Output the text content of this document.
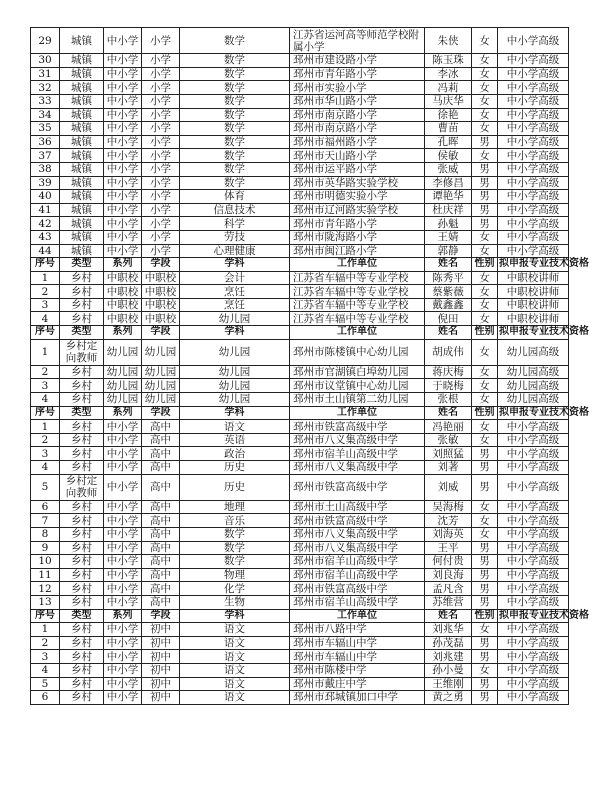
29	城镇	中小学	小学	数学	江苏省运河高等师范学校附属小学	朱侠	女	中小学高级
30	城镇	中小学	小学	数学	邳州市建设路小学	陈玉珠	女	中小学高级
31	城镇	中小学	小学	数学	邳州市青年路小学	李冰	女	中小学高级
32	城镇	中小学	小学	数学	邳州市实验小学	冯莉	女	中小学高级
33	城镇	中小学	小学	数学	邳州市华山路小学	马庆华	女	中小学高级
34	城镇	中小学	小学	数学	邳州市南京路小学	徐艳	女	中小学高级
35	城镇	中小学	小学	数学	邳州市南京路小学	曹苗	女	中小学高级
36	城镇	中小学	小学	数学	邳州市福州路小学	孔晖	男	中小学高级
37	城镇	中小学	小学	数学	邳州市天山路小学	侯敏	女	中小学高级
38	城镇	中小学	小学	数学	邳州市运平路小学	张威	男	中小学高级
39	城镇	中小学	小学	数学	邳州市英华路实验学校	李修昌	男	中小学高级
40	城镇	中小学	小学	体育	邳州市明德实验小学	谭艳华	男	中小学高级
41	城镇	中小学	小学	信息技术	邳州市辽河路实验学校	杜庆祥	男	中小学高级
42	城镇	中小学	小学	科学	邳州市青年路小学	孙魁	男	中小学高级
43	城镇	中小学	小学	劳技	邳州市陇海路小学	王婧	女	中小学高级
44	城镇	中小学	小学	心理健康	邳州市闽江路小学	郭静	女	中小学高级
序号	类型	系列	学段	学科	工作单位	姓名	性别	拟申报专业技术资格
1	乡村	中职校	中职校	会计	江苏省车辐中等专业学校	陈秀平	女	中职校讲师
2	乡村	中职校	中职校	烹饪	江苏省车辐中等专业学校	蔡紫薇	女	中职校讲师
3	乡村	中职校	中职校	烹饪	江苏省车辐中等专业学校	戴鑫鑫	女	中职校讲师
4	乡村	中职校	中职校	幼儿园	江苏省车辐中等专业学校	倪田	女	中职校讲师
序号	类型	系列	学段	学科	工作单位	姓名	性别	拟申报专业技术资格
1	乡村定向教师	幼儿园	幼儿园	幼儿园	邳州市陈楼镇中心幼儿园	胡成伟	女	幼儿园高级
2	乡村	幼儿园	幼儿园	幼儿园	邳州市官湖镇白埠幼儿园	蒋庆梅	女	幼儿园高级
3	乡村	幼儿园	幼儿园	幼儿园	邳州市议堂镇中心幼儿园	于晓梅	女	幼儿园高级
4	乡村	幼儿园	幼儿园	幼儿园	邳州市土山镇第二幼儿园	张根	女	幼儿园高级
序号	类型	系列	学段	学科	工作单位	姓名	性别	拟申报专业技术资格
1	乡村	中小学	高中	语文	邳州市铁富高级中学	冯艳丽	女	中小学高级
2	乡村	中小学	高中	英语	邳州市八义集高级中学	张敏	女	中小学高级
3	乡村	中小学	高中	政治	邳州市宿羊山高级中学	刘照猛	男	中小学高级
4	乡村	中小学	高中	历史	邳州市八义集高级中学	刘著	男	中小学高级
5	乡村定向教师	中小学	高中	历史	邳州市铁富高级中学	刘威	男	中小学高级
6	乡村	中小学	高中	地理	邳州市土山高级中学	吴海梅	女	中小学高级
7	乡村	中小学	高中	音乐	邳州市铁富高级中学	沈芳	女	中小学高级
8	乡村	中小学	高中	数学	邳州市八义集高级中学	刘海英	女	中小学高级
9	乡村	中小学	高中	数学	邳州市八义集高级中学	王平	男	中小学高级
10	乡村	中小学	高中	数学	邳州市宿羊山高级中学	何付贵	男	中小学高级
11	乡村	中小学	高中	物理	邳州市宿羊山高级中学	刘良海	男	中小学高级
12	乡村	中小学	高中	化学	邳州市铁富高级中学	孟凡含	男	中小学高级
13	乡村	中小学	高中	生物	邳州市宿羊山高级中学	苏维营	男	中小学高级
序号	类型	系列	学段	学科	工作单位	姓名	性别	拟申报专业技术资格
1	乡村	中小学	初中	语文	邳州市八路中学	刘兆华	女	中小学高级
2	乡村	中小学	初中	语文	邳州市车辐山中学	孙茂磊	男	中小学高级
3	乡村	中小学	初中	语文	邳州市车辐山中学	刘兆建	男	中小学高级
4	乡村	中小学	初中	语文	邳州市陈楼中学	孙小曼	女	中小学高级
5	乡村	中小学	初中	语文	邳州市戴庄中学	王维刚	男	中小学高级
6	乡村	中小学	初中	语文	邳州市邳城镇加口中学	黄之勇	男	中小学高级
